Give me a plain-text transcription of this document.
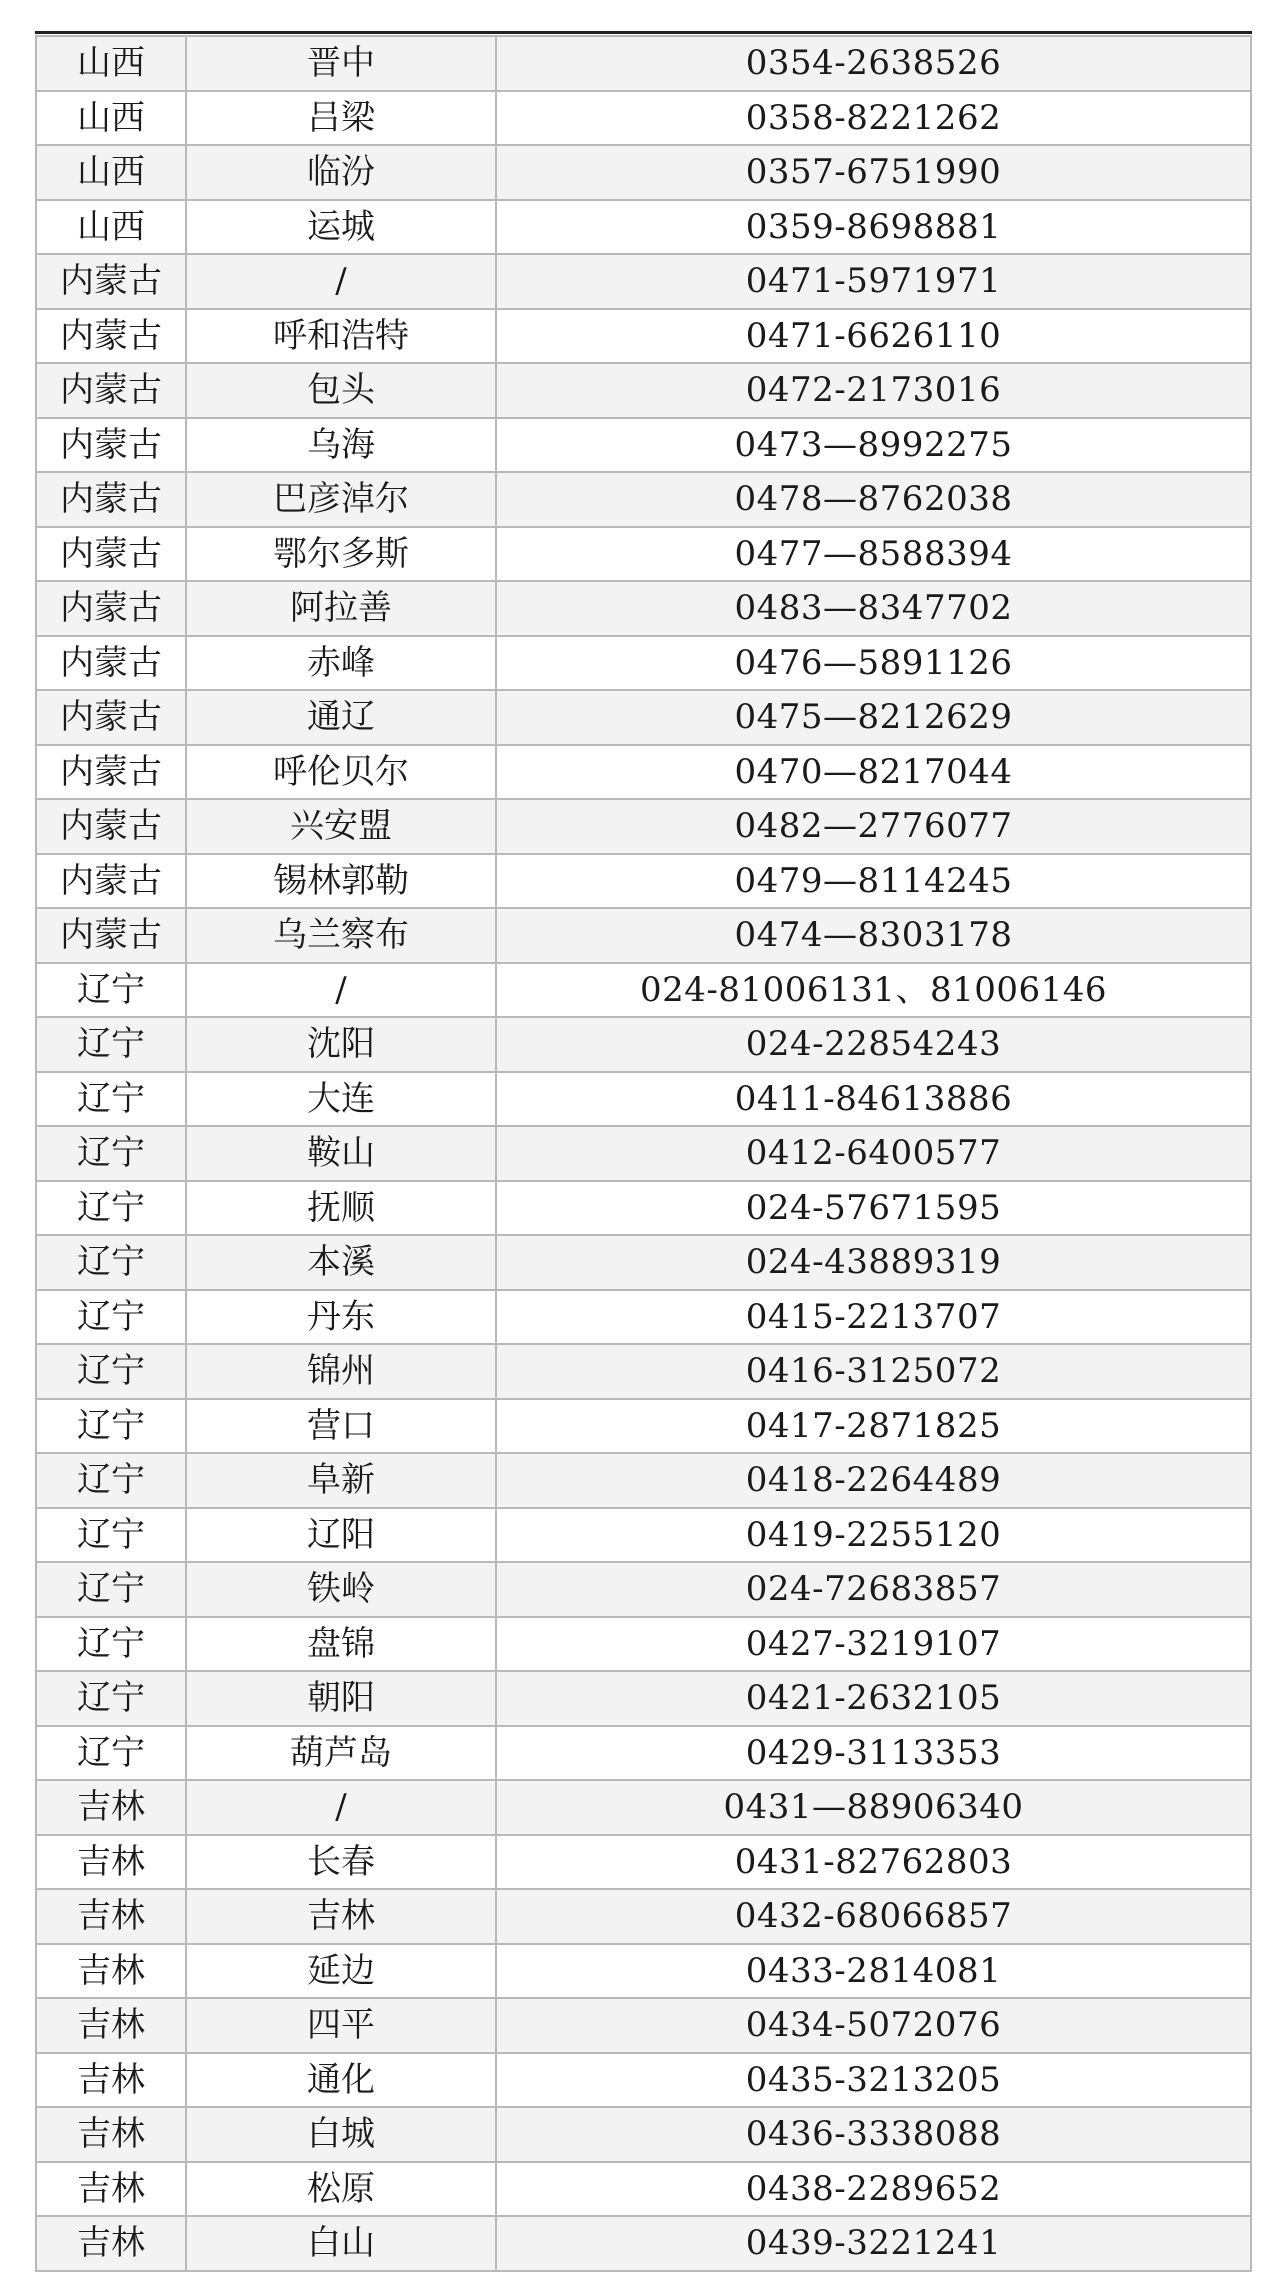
山西	晋中	0354-2638526
山西	吕梁	0358-8221262
山西	临汾	0357-6751990
山西	运城	0359-8698881
内蒙古	/	0471-5971971
内蒙古	呼和浩特	0471-6626110
内蒙古	包头	0472-2173016
内蒙古	乌海	0473—8992275
内蒙古	巴彦淖尔	0478—8762038
内蒙古	鄂尔多斯	0477—8588394
内蒙古	阿拉善	0483—8347702
内蒙古	赤峰	0476—5891126
内蒙古	通辽	0475—8212629
内蒙古	呼伦贝尔	0470—8217044
内蒙古	兴安盟	0482—2776077
内蒙古	锡林郭勒	0479—8114245
内蒙古	乌兰察布	0474—8303178
辽宁	/	024-81006131、81006146
辽宁	沈阳	024-22854243
辽宁	大连	0411-84613886
辽宁	鞍山	0412-6400577
辽宁	抚顺	024-57671595
辽宁	本溪	024-43889319
辽宁	丹东	0415-2213707
辽宁	锦州	0416-3125072
辽宁	营口	0417-2871825
辽宁	阜新	0418-2264489
辽宁	辽阳	0419-2255120
辽宁	铁岭	024-72683857
辽宁	盘锦	0427-3219107
辽宁	朝阳	0421-2632105
辽宁	葫芦岛	0429-3113353
吉林	/	0431—88906340
吉林	长春	0431-82762803
吉林	吉林	0432-68066857
吉林	延边	0433-2814081
吉林	四平	0434-5072076
吉林	通化	0435-3213205
吉林	白城	0436-3338088
吉林	松原	0438-2289652
吉林	白山	0439-3221241
